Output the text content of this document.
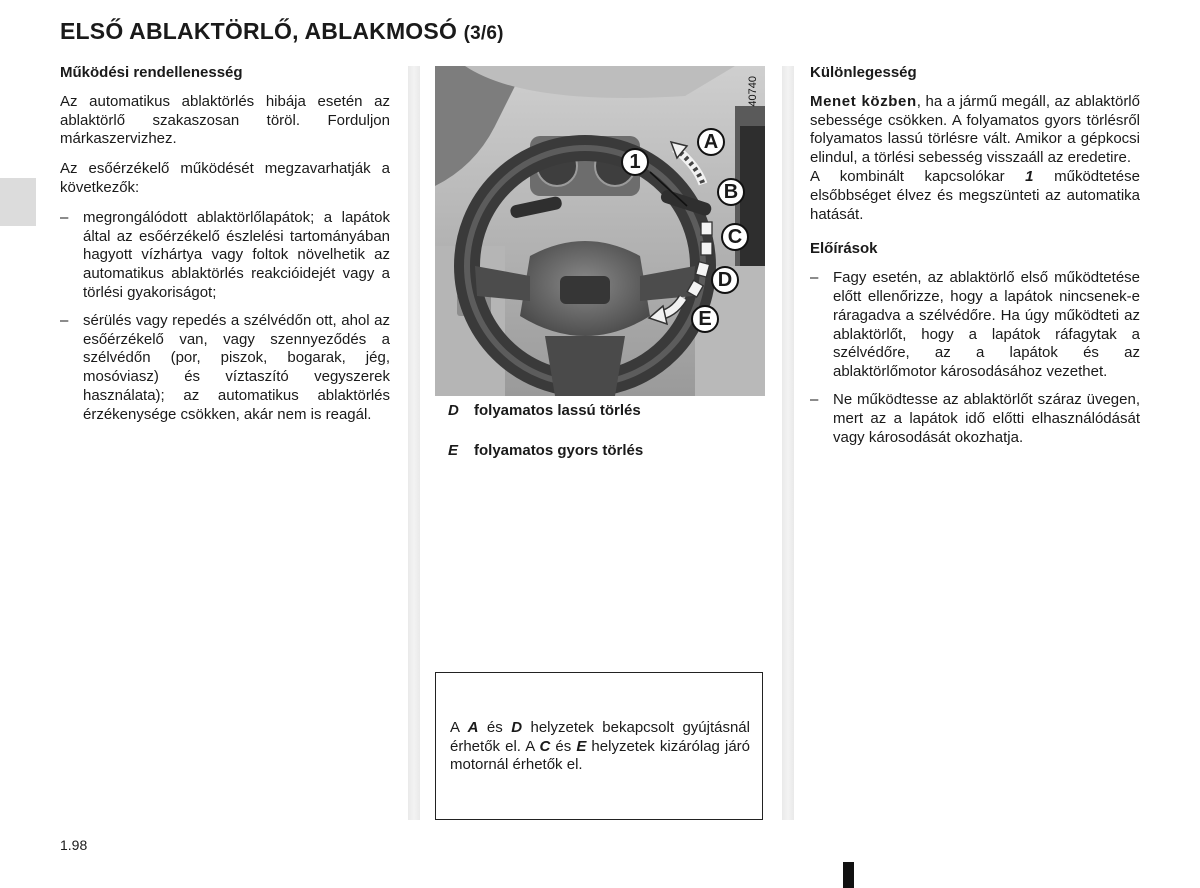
ELSŐ ABLAKTÖRLŐ, ABLAKMOSÓ (3/6)
Működési rendellenesség

Az automatikus ablaktörlés hibája esetén az ablaktörlő szakaszosan töröl. Forduljon márkaszervizhez.

Az esőérzékelő működését megzavarhatják a következők:

– megrongálódott ablaktörlőlapátok; a lapátok által az esőérzékelő észlelési tartományában hagyott vízhártya vagy foltok növelhetik az automatikus ablaktörlés reakcióidejét vagy a törlési gyakoriságot;
– sérülés vagy repedés a szélvédőn ott, ahol az esőérzékelő van, vagy szennyeződés a szélvédőn (por, piszok, bogarak, jég, mosóviasz) és víztaszító vegyszerek használata); az automatikus ablaktörlés érzékenysége csökken, akár nem is reagál.
1
A
B
C
D
E
40740
D folyamatos lassú törlés
E folyamatos gyors törlés
A A és D helyzetek bekapcsolt gyújtásnál érhetők el. A C és E helyzetek kizárólag járó motornál érhetők el.
Különlegesség

Menet közben, ha a jármű megáll, az ablaktörlő sebessége csökken. A folyamatos gyors törlésről folyamatos lassú törlésre vált. Amikor a gépkocsi elindul, a törlési sebesség visszaáll az eredetire.

A kombinált kapcsolókar 1 működtetése elsőbbséget élvez és megszünteti az automatika hatását.

Előírások
– Fagy esetén, az ablaktörlő első működtetése előtt ellenőrizze, hogy a lapátok nincsenek-e ráragadva a szélvédőre. Ha úgy működteti az ablaktörlőt, hogy a lapátok ráfagytak a szélvédőre, az a lapátok és az ablaktörlőmotor károsodásához vezethet.
– Ne működtesse az ablaktörlőt száraz üvegen, mert az a lapátok idő előtti elhasználódását vagy károsodását okozhatja.
1.98
